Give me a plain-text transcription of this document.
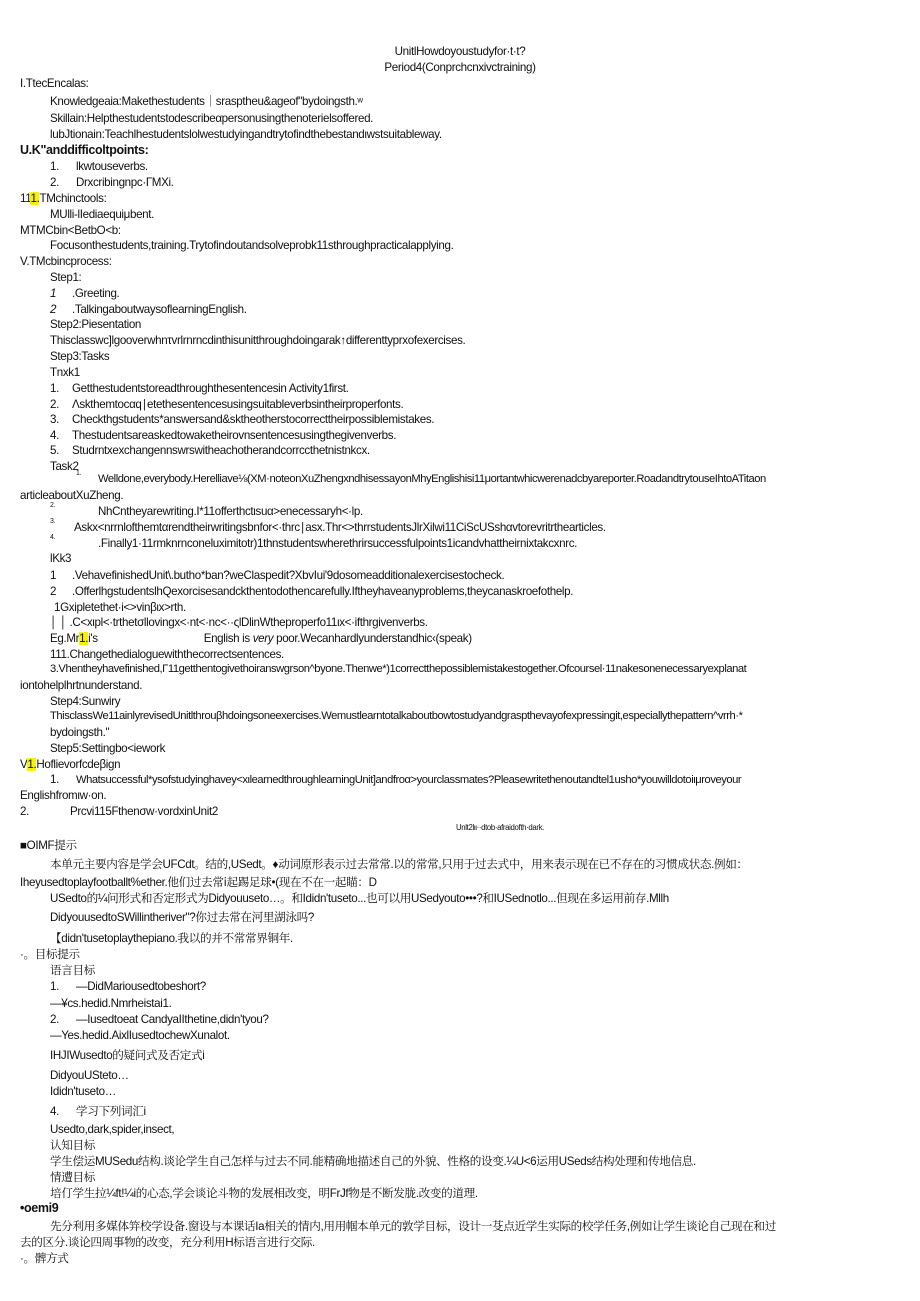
UnitlHowdoyoustudyfor·t·t?
Period4(Conprchcnxivctraining)
I.TtecEncalas:
Knowledgeaia:Makethestudents｜sraspthеu&ageof"bydoingsth.ʷ
Skillain:Helpthestudentstodescribeαpersonusingthenoterielsoffered.
lubJtionain:Teachlhestudentslolwestudyingandtrytofindthebestandιwstsuitableway.
U.K"anddifficoltpoints:
1. lkwtouseverbs.
2. Drxcribingnpc·ГMXi.
111.TMchinctools:
MUlli-lIediaequiμbent.
MTMCbin<BetbO<b:
Focusonthestudents,training.Trytofindoutandsolveprobk11sthroughpracticalapplying.
V.TMcbincprocess:
Step1:
1 .Greeting.
2 .TalkingaboutwaysoflearningEnglish.
Step2:Piesentation
Thisclasswc]lgooverwhnτvrlrnrncdinthisunitthroughdoingarak↑differenttyprxofexercises.
Step3:Tasks
Tnxk1
1. Getthestudentstoreadthroughthesentencesin Activity1first.
2. Λskthemtocαq∣etethesentencesusingsuitableverbsintheirproperfonts.
3. Checkthgstudents*answersand&skthеotherstocorrecttheirpossiblemistakes.
4. Thestudentsareaskedtowaketheirovnsentencesusingthegivenverbs.
5. Studrntxexchangennswrswitheachotherandcorrccthetnistnkcx.
Task2
1. Welldone,everybody.Herelliave⅛(XM·noteonXuZhengxndhisessayonMhyEnglishisi11μortantwhicwerenadcbyareporter.RoadandtrytouseIhtoATitaon
articleaboutXuZheng.
2.	NhCntheyarewriting.I*11offerthctιsuα>enecessaryh<·lp.
3. Askx<nrrnlofthemtαrendtheirwritingsbnfor<·thrc∣asx.Thr<>thrrstudentsJlrXilwi11CiScUSshαvtorevritrthearticles.
4.	.Finally1·11rmknrnconeluximitotr)1thnstudentswherethrirsuccessfulpoints1icandvhattheirnixtakcxnrc.
lKk3
1 .VehavefinishedUnit\.butho*ban?weClaspedit?XbvIui'9dosomeadditionalexercisestocheck.
2 .OfferlhgstudentslhQexorcisesandckthentodothencarefully.Iftheyhaveanyproblems,theycanaskroefothelp.
1Gxipletethet·i<>vinβιx>rth.
│ │ .C<xιpl<·trthetσllovingx<·nt<·nc<··ςlDlinWtheproperfo11ιx<·ifthrgivenverbs.
Eg.Mr1.i's	English is very poor.Wecanhardlyunderstandhic‹(speak)
111.Changethedialoguewiththecorrectsentences.
3.Vhentheyhavefinished,Γ11getthentogivethoiranswgrson^byone.Thenwe*)1correctthepossiblemistakestogether.Ofcoursel·11nakesonenecessaryexplanat
iontohelplhrtnunderstand.
Step4:Sunwiry
ThisclassWe11ainlyrevisedUnitlthrouβhdoingsoneexercises.Wemustlearntotalkaboutbowtostudyandgraspthevayofexpressingit,especiallythepattern^vrrh·*
bydoingsth."
Step5:Settingbo<iework
V1.Hoflievorfcdeβign
1. Whatsuccessful*ysofstudyinghavey<xιlearnedthroughlearningUnit]andfroα>yourclassmates?Pleasewritethenoutandtel1usho*youwilldotoiιμroveyour
Englishfromιw·on.
2.	Prcvi115Fthenσw·vordxinUnit2
Unlt2lιι··dtob·afraidofth·dark.
■OIMF提示
本单元主要内容是学会UFCdt。结的,USedt。♦动词原形表示过去常常.以的常常,只用于过去式中，用来表示现在已不存在的习惯成状态.例如：
Iheyusedtoplayfootballt%ether.他们过去常ⅰ起踢足球•(现在不在一起瞄：D
USedto的¼问形式和否定形式为Didyouuseto…。和Ididn'tuseto...也可以用USedyouto•••?和IUSednotlo...但现在多运用前存.Mllh
DidyouusedtoSWillintheriver"?你过去常在河里湖泳吗?
【didn'tusetoplaythepiano.我以的并不常常界铜年.
·。目标提示
语言目标
1. —DidMariousedtobeshort?
—¥cs.hedid.Nmrheistai1.
2. —Iusedtoeat CandyaIIthetine,didn'tyou?
—Yes.hedid.AixlIusedtochewXunalot.
IHJIWusedto的疑问式及否定式i
DidyouUSteto…
Ididn'tuseto…
4. 学习下列词汇i
Usedto,dark,spider,insect,
认知目标
学生偿运MUSedu结构.谈论学生自己怎样与过去不同.能精确地描述自己的外貌、性格的设变.¼U<6运用USeds结构处理和传地信息.
情遭目标
培仃学生拉¼ft!¼i的心态,学会谈论斗物的发展相改变，明FrJf物是不断发胧.改变的道理.
•oemi9
先分利用多媒体笄校学设备.窗设与本课话Ia相关的情内,用用帼本单元的敦学目标，设计一芟点近学生实际的校学任务,例如让学生谈论自己现在和过
去的区分.谈论四周事物的改变，充分利用H标语言进行交际.
·。髀方式
